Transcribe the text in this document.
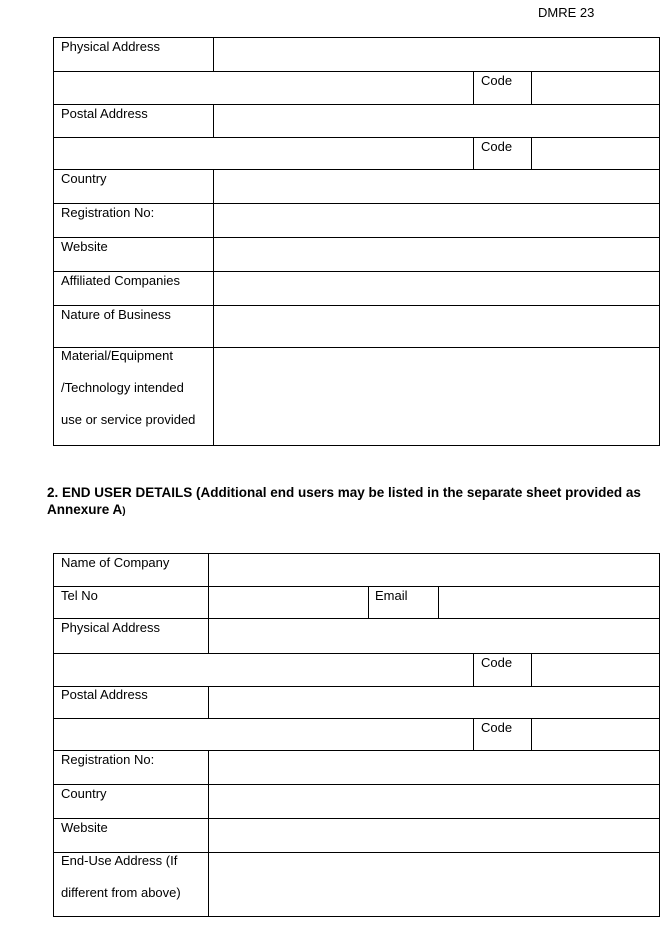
DMRE 23
Physical Address
Code
Postal Address
Code
Country
Registration No:
Website
Affiliated Companies
Nature of Business
Material/Equipment
/Technology intended
use or service provided
2. END USER DETAILS (Additional end users may be listed in the separate sheet provided as Annexure A)
Name of Company
Tel No	Email
Physical Address
Code
Postal Address
Code
Registration No:
Country
Website
End-Use Address (If
different from above)
